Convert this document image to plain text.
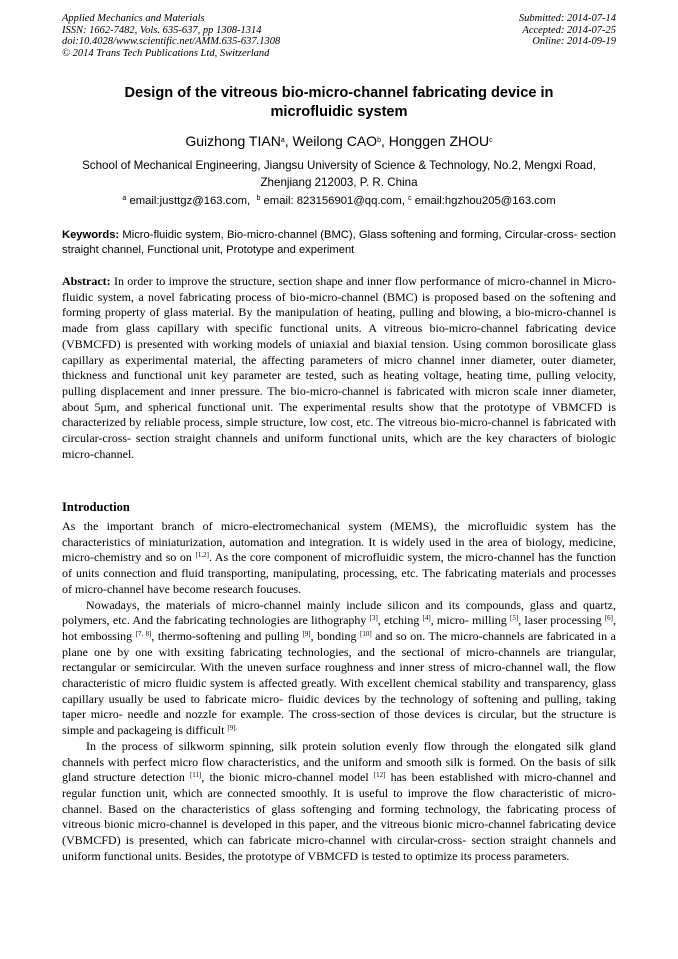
Applied Mechanics and Materials
ISSN: 1662-7482, Vols. 635-637, pp 1308-1314
doi:10.4028/www.scientific.net/AMM.635-637.1308
© 2014 Trans Tech Publications Ltd, Switzerland
Submitted: 2014-07-14
Accepted: 2014-07-25
Online: 2014-09-19
Design of the vitreous bio-micro-channel fabricating device in microfluidic system
Guizhong TIAN$^a$, Weilong CAO$^b$, Honggen ZHOU$^c$
School of Mechanical Engineering, Jiangsu University of Science & Technology, No.2, Mengxi Road, Zhenjiang 212003, P. R. China
$^a$ email:justtgz@163.com, $^b$ email: 823156901@qq.com, $^c$ email:hgzhou205@163.com
Keywords: Micro-fluidic system, Bio-micro-channel (BMC), Glass softening and forming, Circular-cross- section straight channel, Functional unit, Prototype and experiment
Abstract: In order to improve the structure, section shape and inner flow performance of micro-channel in Micro-fluidic system, a novel fabricating process of bio-micro-channel (BMC) is proposed based on the softening and forming property of glass material. By the manipulation of heating, pulling and blowing, a bio-micro-channel is made from glass capillary with specific functional units. A vitreous bio-micro-channel fabricating device (VBMCFD) is presented with working models of uniaxial and biaxial tension. Using common borosilicate glass capillary as experimental material, the affecting parameters of micro channel inner diameter, outer diameter, thickness and functional unit key parameter are tested, such as heating voltage, heating time, pulling velocity, pulling displacement and inner pressure. The bio-micro-channel is fabricated with micron scale inner diameter, about 5μm, and spherical functional unit. The experimental results show that the prototype of VBMCFD is characterized by reliable process, simple structure, low cost, etc. The vitreous bio-micro-channel is fabricated with circular-cross- section straight channels and uniform functional units, which are the key characters of biologic micro-channel.
Introduction

As the important branch of micro-electromechanical system (MEMS), the microfluidic system has the characteristics of miniaturization, automation and integration. It is widely used in the area of biology, medicine, micro-chemistry and so on [1,2]. As the core component of microfluidic system, the micro-channel has the function of units connection and fluid transporting, manipulating, processing, etc. The fabricating materials and processes of micro-channel have become research foucuses.

Nowadays, the materials of micro-channel mainly include silicon and its compounds, glass and quartz, polymers, etc. And the fabricating technologies are lithography [3], etching [4], micro- milling [5], laser processing [6], hot embossing [7, 8], thermo-softening and pulling [9], bonding [10] and so on. The micro-channels are fabricated in a plane one by one with exsiting fabricating technologies, and the sectional of micro-channels are triangular, rectangular or semicircular. With the uneven surface roughness and inner stress of micro-channel wall, the flow characteristic of micro fluidic system is affected greatly. With excellent chemical stability and transparency, glass capillary usually be used to fabricate micro- fluidic devices by the technology of softening and pulling, taking taper micro- needle and nozzle for example. The cross-section of those devices is circular, but the structure is simple and packageing is difficult $^{[9].}$

In the process of silkworm spinning, silk protein solution evenly flow through the elongated silk gland channels with perfect micro flow characteristics, and the uniform and smooth silk is formed. On the basis of silk gland structure detection [11], the bionic micro-channel model [12] has been established with micro-channel and regular function unit, which are connected smoothly. It is useful to improve the flow characteristic of micro-channel. Based on the characteristics of glass softenging and forming technology, the fabricating process of vitreous bionic micro-channel is developed in this paper, and the vitreous bionic micro-channel fabricating device (VBMCFD) is presented, which can fabricate micro-channel with circular-cross- section straight channels and uniform functional units. Besides, the prototype of VBMCFD is tested to optimize its process parameters.
